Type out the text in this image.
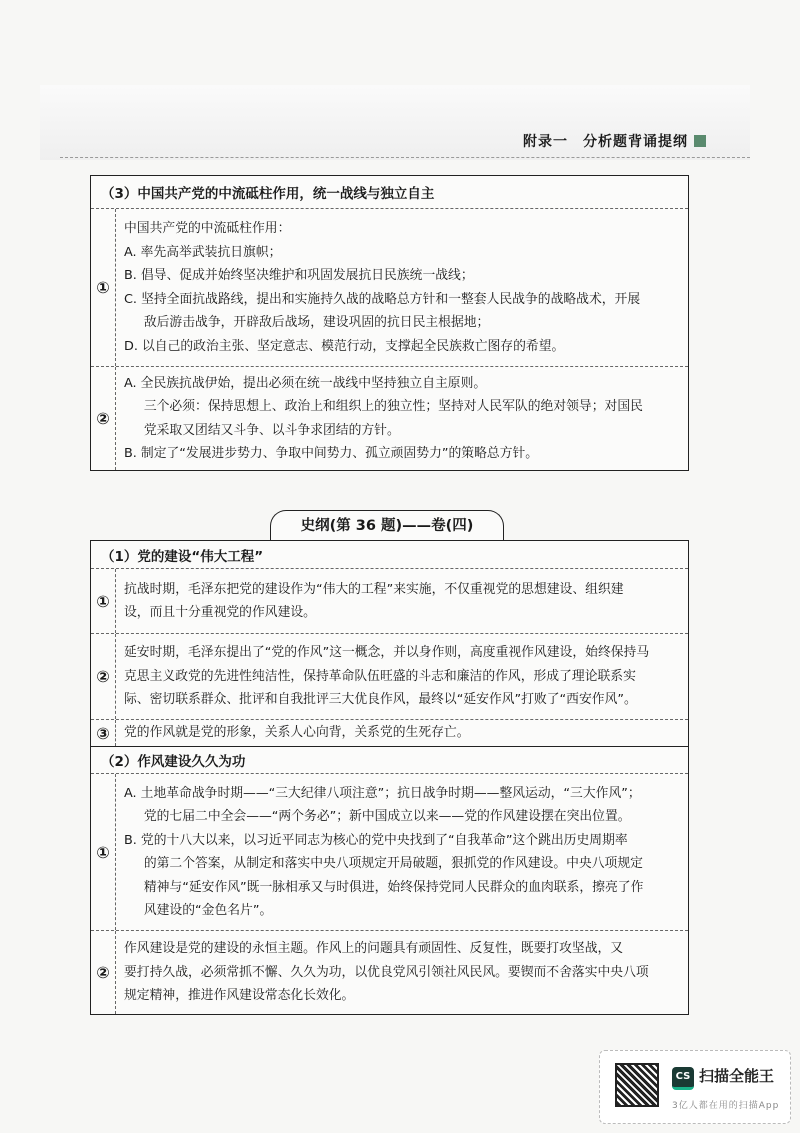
附录一　分析题背诵提纲
（3）中国共产党的中流砥柱作用，统一战线与独立自主
①
中国共产党的中流砥柱作用：
A. 率先高举武装抗日旗帜；
B. 倡导、促成并始终坚决维护和巩固发展抗日民族统一战线；
C. 坚持全面抗战路线，提出和实施持久战的战略总方针和一整套人民战争的战略战术，开展
敌后游击战争，开辟敌后战场，建设巩固的抗日民主根据地；
D. 以自己的政治主张、坚定意志、模范行动，支撑起全民族救亡图存的希望。
②
A. 全民族抗战伊始，提出必须在统一战线中坚持独立自主原则。
三个必须：保持思想上、政治上和组织上的独立性；坚持对人民军队的绝对领导；对国民
党采取又团结又斗争、以斗争求团结的方针。
B. 制定了“发展进步势力、争取中间势力、孤立顽固势力”的策略总方针。
史纲(第 36 题)——卷(四)
（1）党的建设“伟大工程”
①
抗战时期，毛泽东把党的建设作为“伟大的工程”来实施，不仅重视党的思想建设、组织建
设，而且十分重视党的作风建设。
②
延安时期，毛泽东提出了“党的作风”这一概念，并以身作则，高度重视作风建设，始终保持马
克思主义政党的先进性纯洁性，保持革命队伍旺盛的斗志和廉洁的作风，形成了理论联系实
际、密切联系群众、批评和自我批评三大优良作风，最终以“延安作风”打败了“西安作风”。
③	党的作风就是党的形象，关系人心向背，关系党的生死存亡。
（2）作风建设久久为功
①
A. 土地革命战争时期——“三大纪律八项注意”；抗日战争时期——整风运动，“三大作风”；
党的七届二中全会——“两个务必”；新中国成立以来——党的作风建设摆在突出位置。
B. 党的十八大以来，以习近平同志为核心的党中央找到了“自我革命”这个跳出历史周期率
的第二个答案，从制定和落实中央八项规定开局破题，狠抓党的作风建设。中央八项规定
精神与“延安作风”既一脉相承又与时俱进，始终保持党同人民群众的血肉联系，擦亮了作
风建设的“金色名片”。
②
作风建设是党的建设的永恒主题。作风上的问题具有顽固性、反复性，既要打攻坚战，又
要打持久战，必须常抓不懈、久久为功，以优良党风引领社风民风。要锲而不舍落实中央八项
规定精神，推进作风建设常态化长效化。
CS 扫描全能王
3亿人都在用的扫描App
